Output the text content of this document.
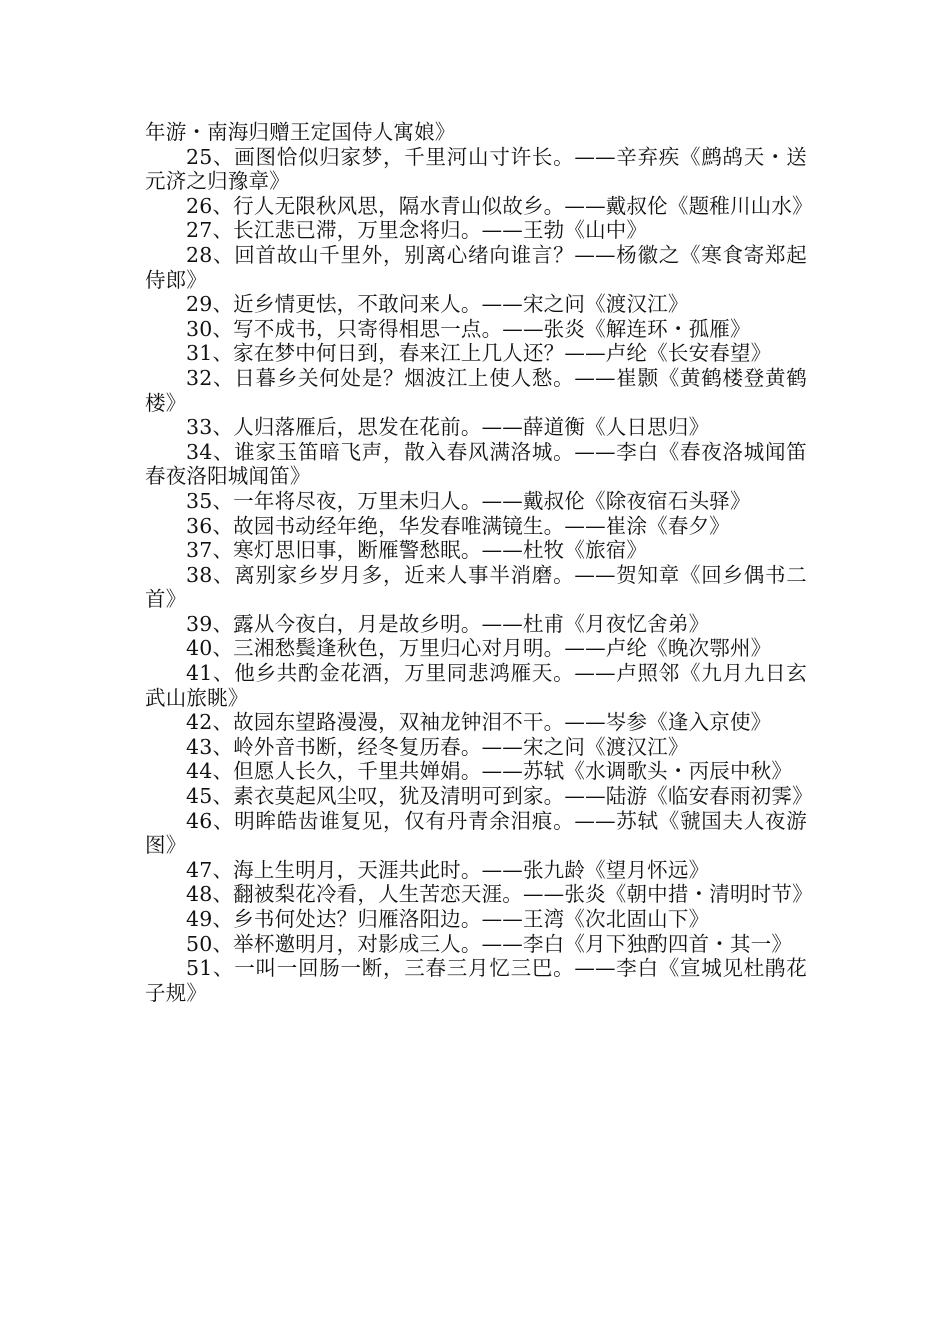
年游・南海归赠王定国侍人寓娘》

25、画图恰似归家梦，千里河山寸许长。——辛弃疾《鹧鸪天・送元济之归豫章》

26、行人无限秋风思，隔水青山似故乡。——戴叔伦《题稚川山水》

27、长江悲已滞，万里念将归。——王勃《山中》

28、回首故山千里外，别离心绪向谁言？——杨徽之《寒食寄郑起侍郎》

29、近乡情更怯，不敢问来人。——宋之问《渡汉江》

30、写不成书，只寄得相思一点。——张炎《解连环・孤雁》

31、家在梦中何日到，春来江上几人还？——卢纶《长安春望》

32、日暮乡关何处是？烟波江上使人愁。——崔颢《黄鹤楼登黄鹤楼》

33、人归落雁后，思发在花前。——薛道衡《人日思归》

34、谁家玉笛暗飞声，散入春风满洛城。——李白《春夜洛城闻笛春夜洛阳城闻笛》

35、一年将尽夜，万里未归人。——戴叔伦《除夜宿石头驿》

36、故园书动经年绝，华发春唯满镜生。——崔涂《春夕》

37、寒灯思旧事，断雁警愁眠。——杜牧《旅宿》

38、离别家乡岁月多，近来人事半消磨。——贺知章《回乡偶书二首》

39、露从今夜白，月是故乡明。——杜甫《月夜忆舍弟》

40、三湘愁鬓逢秋色，万里归心对月明。——卢纶《晚次鄂州》

41、他乡共酌金花酒，万里同悲鸿雁天。——卢照邻《九月九日玄武山旅眺》

42、故园东望路漫漫，双袖龙钟泪不干。——岑参《逢入京使》

43、岭外音书断，经冬复历春。——宋之问《渡汉江》

44、但愿人长久，千里共婵娟。——苏轼《水调歌头・丙辰中秋》

45、素衣莫起风尘叹，犹及清明可到家。——陆游《临安春雨初霁》

46、明眸皓齿谁复见，仅有丹青余泪痕。——苏轼《虢国夫人夜游图》

47、海上生明月，天涯共此时。——张九龄《望月怀远》

48、翻被梨花冷看，人生苦恋天涯。——张炎《朝中措・清明时节》

49、乡书何处达？归雁洛阳边。——王湾《次北固山下》

50、举杯邀明月，对影成三人。——李白《月下独酌四首・其一》

51、一叫一回肠一断，三春三月忆三巴。——李白《宣城见杜鹃花子规》
